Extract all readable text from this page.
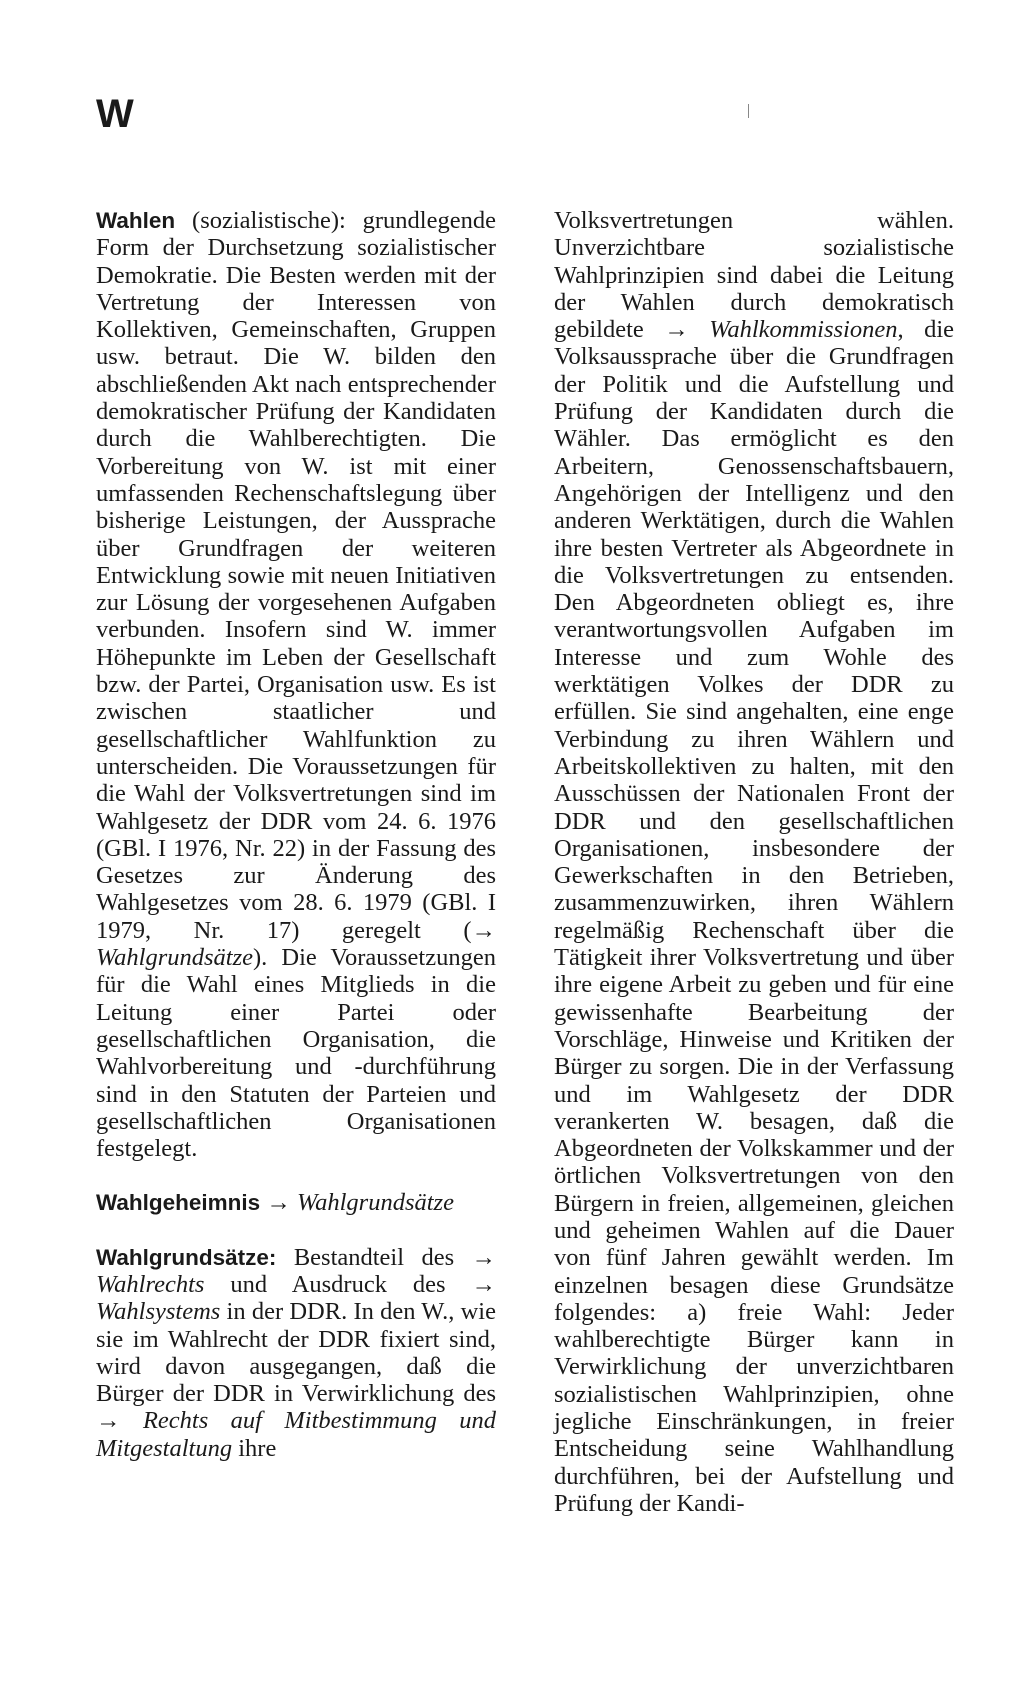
W

Wahlen (sozialistische): grundlegende Form der Durchsetzung sozialistischer Demokratie. Die Besten werden mit der Vertretung der Interessen von Kollektiven, Gemeinschaften, Gruppen usw. betraut. Die W. bilden den abschließenden Akt nach entsprechender demokratischer Prüfung der Kandidaten durch die Wahlberechtigten. Die Vorbereitung von W. ist mit einer umfassenden Rechenschaftslegung über bisherige Leistungen, der Aussprache über Grundfragen der weiteren Entwicklung sowie mit neuen Initiativen zur Lösung der vorgesehenen Aufgaben verbunden. Insofern sind W. immer Höhepunkte im Leben der Gesellschaft bzw. der Partei, Organisation usw. Es ist zwischen staatlicher und gesellschaftlicher Wahlfunktion zu unterscheiden. Die Voraussetzungen für die Wahl der Volksvertretungen sind im Wahlgesetz der DDR vom 24. 6. 1976 (GBl. I 1976, Nr. 22) in der Fassung des Gesetzes zur Änderung des Wahlgesetzes vom 28. 6. 1979 (GBl. I 1979, Nr. 17) geregelt (→ Wahlgrundsätze). Die Voraussetzungen für die Wahl eines Mitglieds in die Leitung einer Partei oder gesellschaftlichen Organisation, die Wahlvorbereitung und -durchführung sind in den Statuten der Parteien und gesellschaftlichen Organisationen festgelegt.

Wahlgeheimnis → Wahlgrundsätze

Wahlgrundsätze: Bestandteil des → Wahlrechts und Ausdruck des → Wahlsystems in der DDR. In den W., wie sie im Wahlrecht der DDR fixiert sind, wird davon ausgegangen, daß die Bürger der DDR in Verwirklichung des → Rechts auf Mitbestimmung und Mitgestaltung ihre

Volksvertretungen wählen. Unverzichtbare sozialistische Wahlprinzipien sind dabei die Leitung der Wahlen durch demokratisch gebildete → Wahlkommissionen, die Volksaussprache über die Grundfragen der Politik und die Aufstellung und Prüfung der Kandidaten durch die Wähler. Das ermöglicht es den Arbeitern, Genossenschaftsbauern, Angehörigen der Intelligenz und den anderen Werktätigen, durch die Wahlen ihre besten Vertreter als Abgeordnete in die Volksvertretungen zu entsenden. Den Abgeordneten obliegt es, ihre verantwortungsvollen Aufgaben im Interesse und zum Wohle des werktätigen Volkes der DDR zu erfüllen. Sie sind angehalten, eine enge Verbindung zu ihren Wählern und Arbeitskollektiven zu halten, mit den Ausschüssen der Nationalen Front der DDR und den gesellschaftlichen Organisationen, insbesondere der Gewerkschaften in den Betrieben, zusammenzuwirken, ihren Wählern regelmäßig Rechenschaft über die Tätigkeit ihrer Volksvertretung und über ihre eigene Arbeit zu geben und für eine gewissenhafte Bearbeitung der Vorschläge, Hinweise und Kritiken der Bürger zu sorgen. Die in der Verfassung und im Wahlgesetz der DDR verankerten W. besagen, daß die Abgeordneten der Volkskammer und der örtlichen Volksvertretungen von den Bürgern in freien, allgemeinen, gleichen und geheimen Wahlen auf die Dauer von fünf Jahren gewählt werden. Im einzelnen besagen diese Grundsätze folgendes: a) freie Wahl: Jeder wahlberechtigte Bürger kann in Verwirklichung der unverzichtbaren sozialistischen Wahlprinzipien, ohne jegliche Einschränkungen, in freier Entscheidung seine Wahlhandlung durchführen, bei der Aufstellung und Prüfung der Kandi-
